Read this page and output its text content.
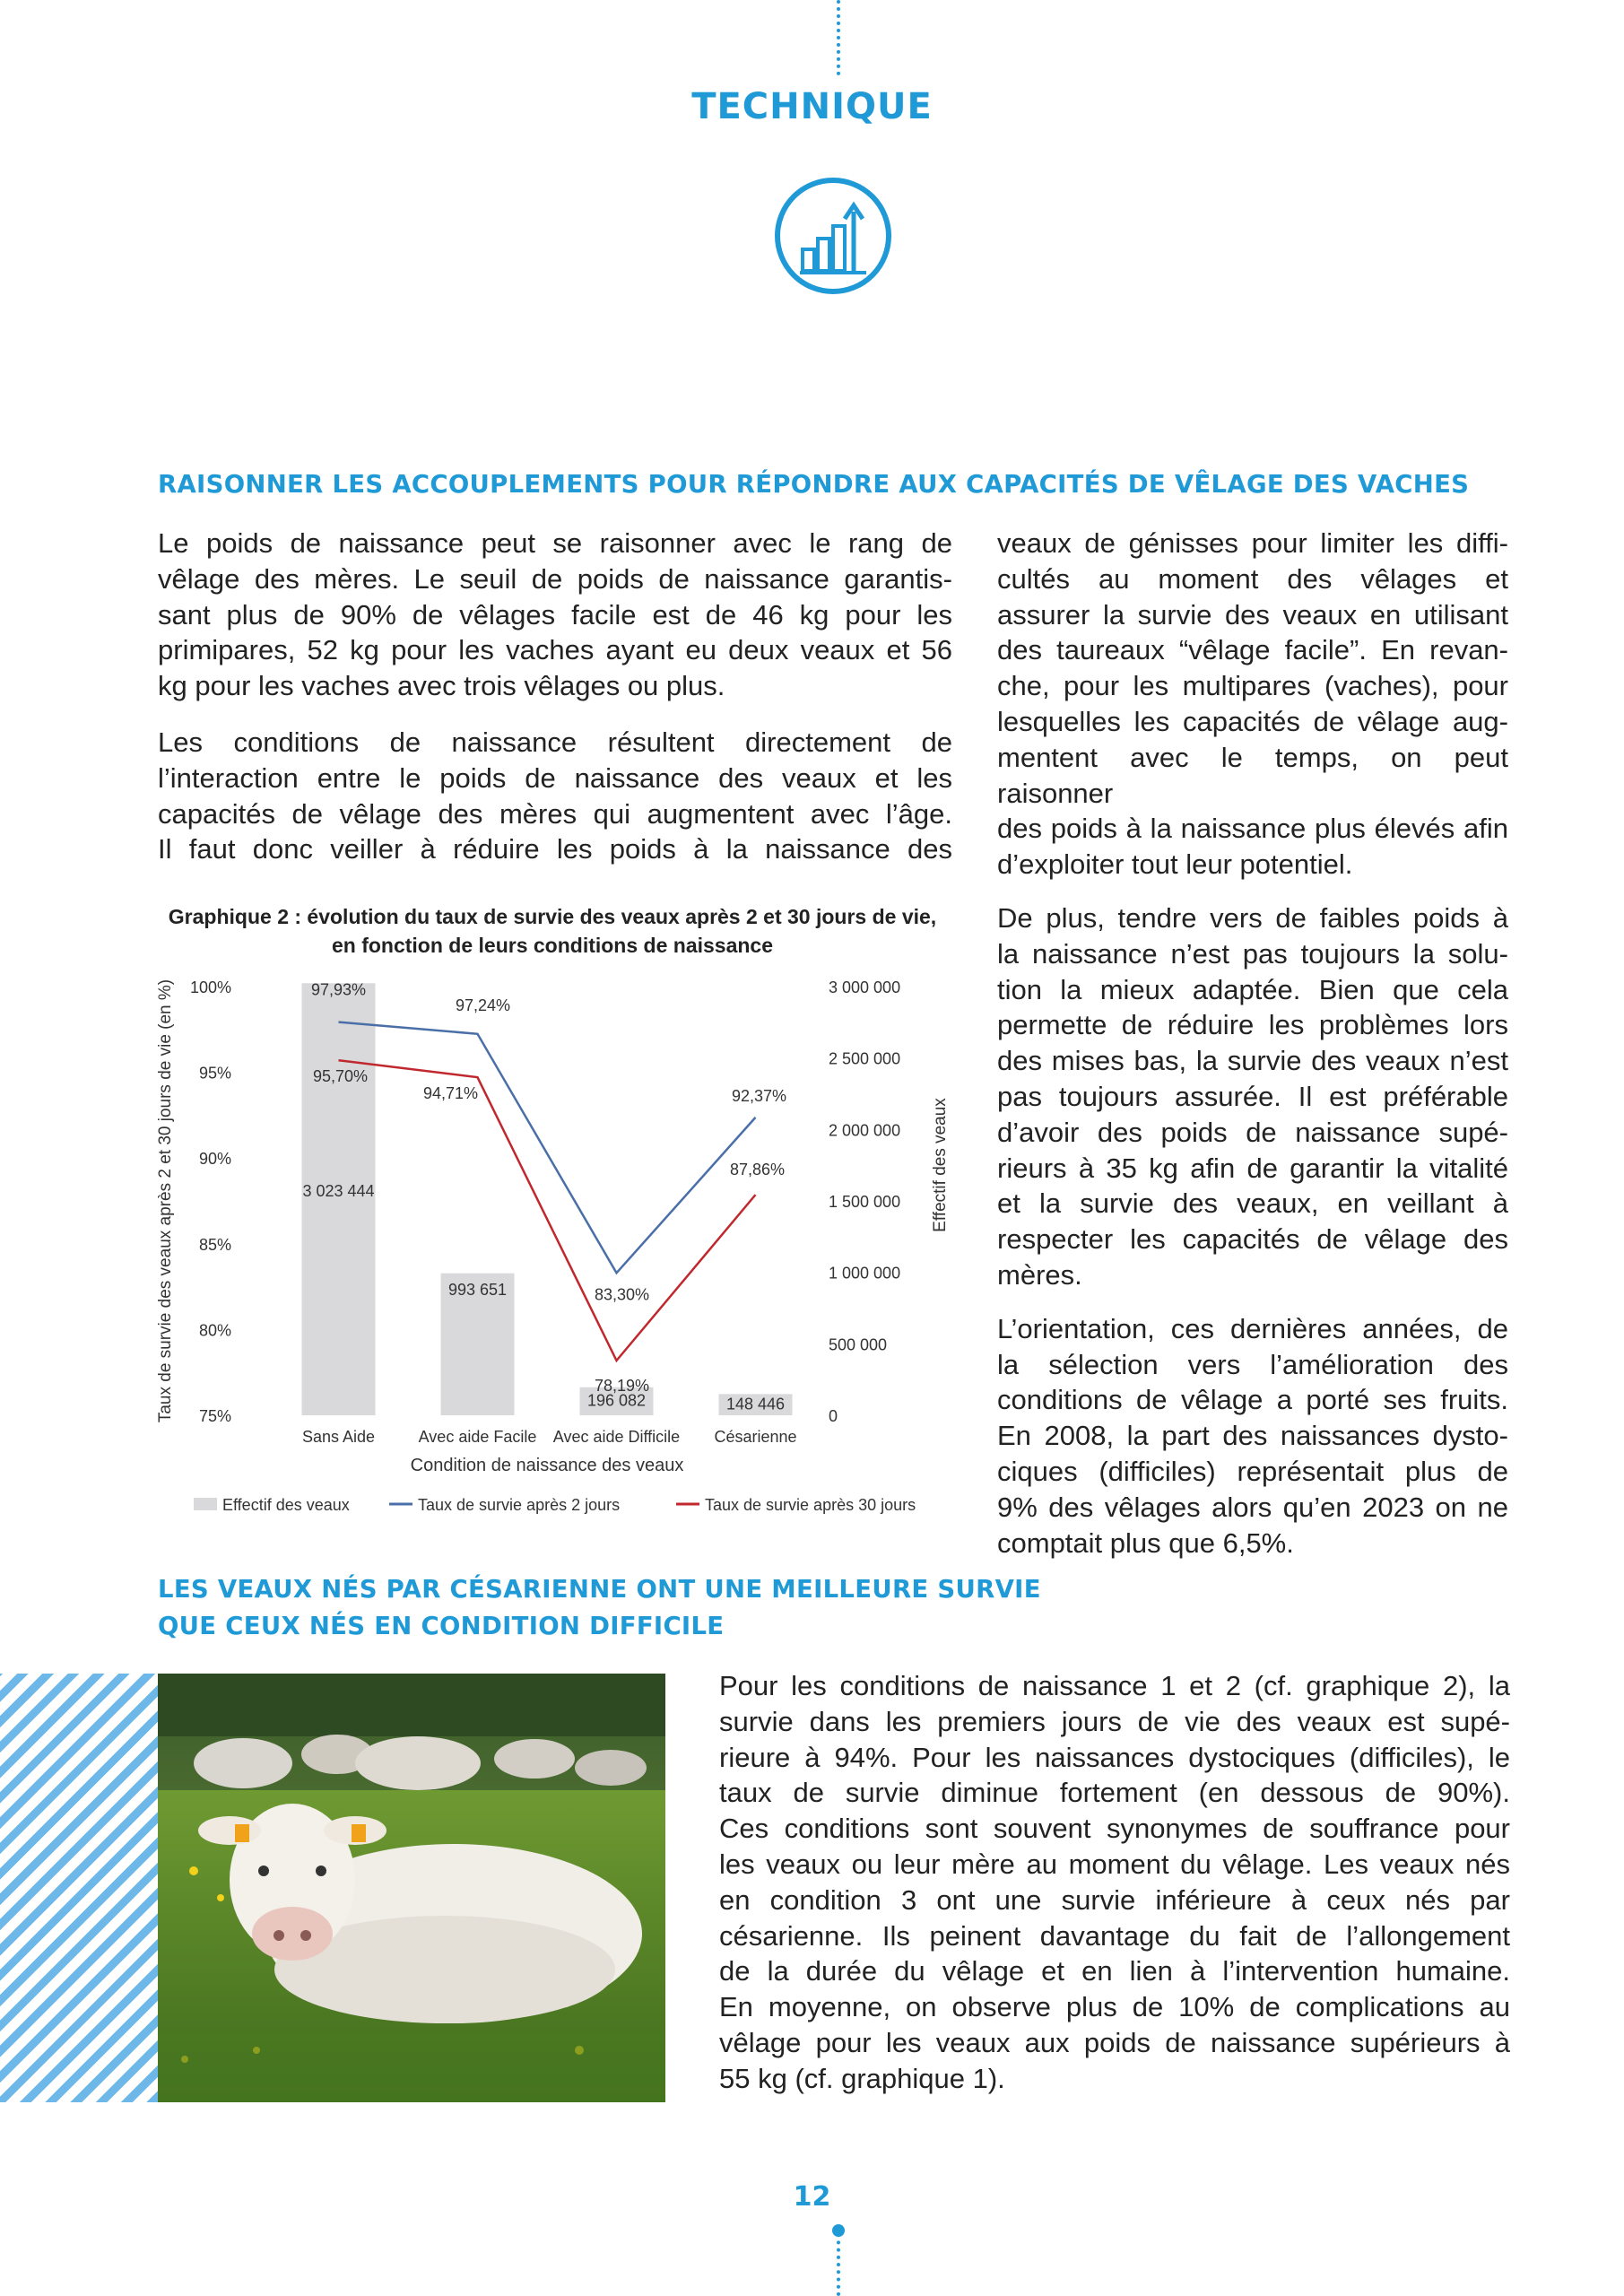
TECHNIQUE
RAISONNER LES ACCOUPLEMENTS POUR RÉPONDRE AUX CAPACITÉS DE VÊLAGE DES VACHES

Le poids de naissance peut se raisonner avec le rang de
vêlage des mères. Le seuil de poids de naissance garantis-
sant plus de 90% de vêlages facile est de 46 kg pour les
primipares, 52 kg pour les vaches ayant eu deux veaux et 56
kg pour les vaches avec trois vêlages ou plus.

Les conditions de naissance résultent directement de
l’interaction entre le poids de naissance des veaux et les
capacités de vêlage des mères qui augmentent avec l’âge.
Il faut donc veiller à réduire les poids à la naissance des

veaux de génisses pour limiter les diffi-
cultés au moment des vêlages et
assurer la survie des veaux en utilisant
des taureaux “vêlage facile”. En revan-
che, pour les multipares (vaches), pour
lesquelles les capacités de vêlage aug-
mentent avec le temps, on peut raisonner
des poids à la naissance plus élevés afin
d’exploiter tout leur potentiel.

De plus, tendre vers de faibles poids à
la naissance n’est pas toujours la solu-
tion la mieux adaptée. Bien que cela
permette de réduire les problèmes lors
des mises bas, la survie des veaux n’est
pas toujours assurée. Il est préférable
d’avoir des poids de naissance supé-
rieurs à 35 kg afin de garantir la vitalité
et la survie des veaux, en veillant à
respecter les capacités de vêlage des
mères.

L’orientation, ces dernières années, de
la sélection vers l’amélioration des
conditions de vêlage a porté ses fruits.
En 2008, la part des naissances dysto-
ciques (difficiles) représentait plus de
9% des vêlages alors qu’en 2023 on ne
comptait plus que 6,5%.

Graphique 2 : évolution du taux de survie des veaux après 2 et 30 jours de vie,
en fonction de leurs conditions de naissance
75%
80%
85%
90%
95%
100%
0
500 000
1 000 000
1 500 000
2 000 000
2 500 000
3 000 000
Taux de survie des veaux après 2 et 30 jours de vie (en %)	Effectif des veaux
3 023 444
993 651
196 082	148 446
97,93%
97,24%
83,30%
92,37%
95,70%
94,71%
78,19%
87,86%
Sans Aide	Avec aide Facile Avec aide Difficile Césarienne
Condition de naissance des veaux
Effectif des veaux	Taux de survie après 2 jours	Taux de survie après 30 jours
LES VEAUX NÉS PAR CÉSARIENNE ONT UNE MEILLEURE SURVIE
QUE CEUX NÉS EN CONDITION DIFFICILE

Pour les conditions de naissance 1 et 2 (cf. graphique 2), la
survie dans les premiers jours de vie des veaux est supé-
rieure à 94%. Pour les naissances dystociques (difficiles), le
taux de survie diminue fortement (en dessous de 90%).
Ces conditions sont souvent synonymes de souffrance pour
les veaux ou leur mère au moment du vêlage. Les veaux nés
en condition 3 ont une survie inférieure à ceux nés par
césarienne. Ils peinent davantage du fait de l’allongement
de la durée du vêlage et en lien à l’intervention humaine.
En moyenne, on observe plus de 10% de complications au
vêlage pour les veaux aux poids de naissance supérieurs à
55 kg (cf. graphique 1).

12
